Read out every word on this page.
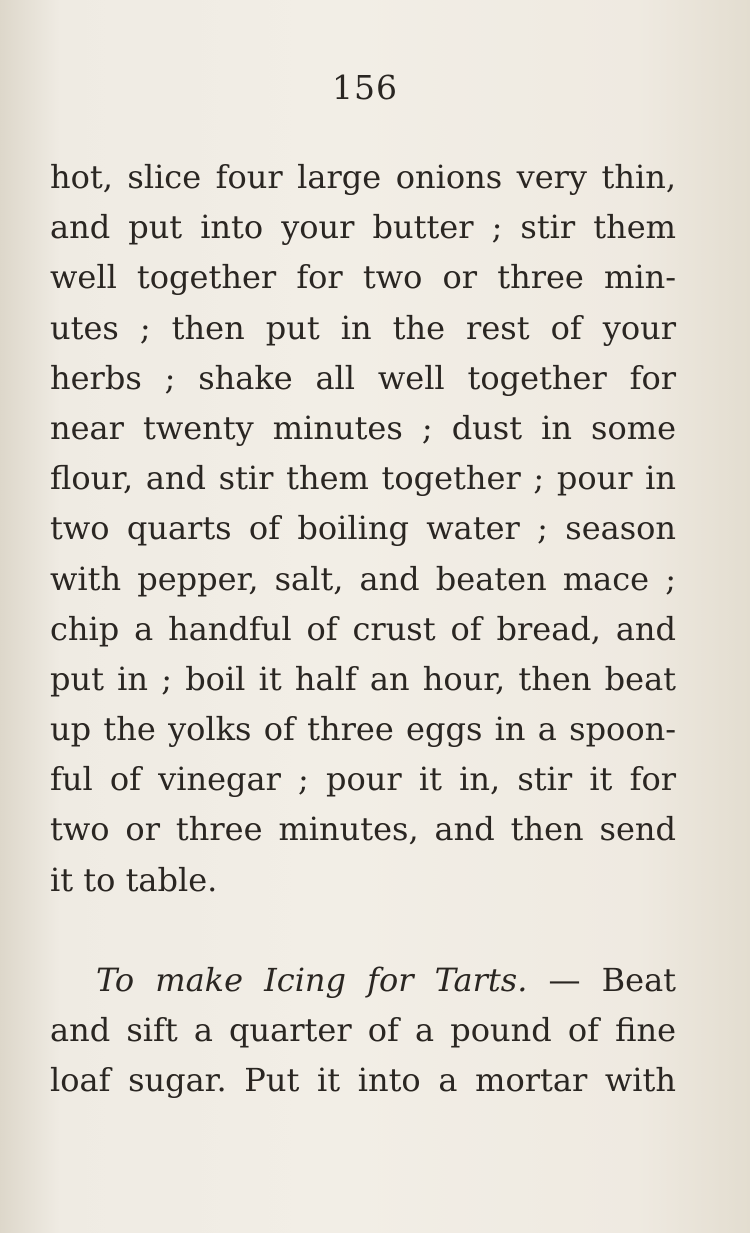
156
hot, slice four large onions very thin,
and put into your butter ; stir them
well together for two or three min-
utes ; then put in the rest of your
herbs ; shake all well together for
near twenty minutes ; dust in some
flour, and stir them together ; pour in
two quarts of boiling water ; season
with pepper, salt, and beaten mace ;
chip a handful of crust of bread, and
put in ; boil it half an hour, then beat
up the yolks of three eggs in a spoon-
ful of vinegar ; pour it in, stir it for
two or three minutes, and then send
it to table.
To make Icing for Tarts. — Beat
and sift a quarter of a pound of fine
loaf sugar. Put it into a mortar with
